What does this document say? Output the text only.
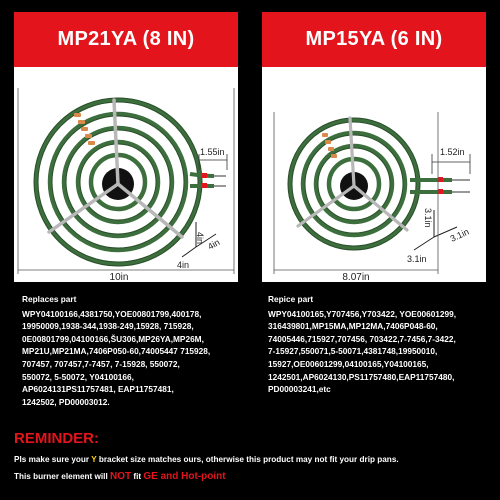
MP21YA (8 IN)
1.55in
4in
4in
4in
10in
MP15YA (6 IN)
1.52in
3.1in
3.1in
3.1in
8.07in
Replaces part
WPY04100166,4381750,YOE00801799,400178,
19950009,1938-344,1938-249,15928, 715928,
0E00801799,04100166,ŠU306,MP26YA,MP26M,
MP21U,MP21MA,7406P050-60,74005447 715928,
707457, 707457,7-7457, 7-15928, 550072,
550072, 5-50072, Y04100166,
AP6024131PS11757481, EAP11757481,
1242502, PD00003012.
Repice part
WPY04100165,Y707456,Y703422, YOE00601299,
316439801,MP15MA,MP12MA,7406P048-60,
74005446,715927,707456, 703422,7-7456,7-3422,
7-15927,550071,5-50071,4381748,19950010,
15927,OE00601299,04100165,Y04100165,
1242501,AP6024130,PS11757480,EAP11757480,
PD00003241,etc
REMINDER:
Pls make sure your Y bracket size matches ours, otherwise this product may not fit your drip pans.
This burner element will NOT fit GE and Hot-point
